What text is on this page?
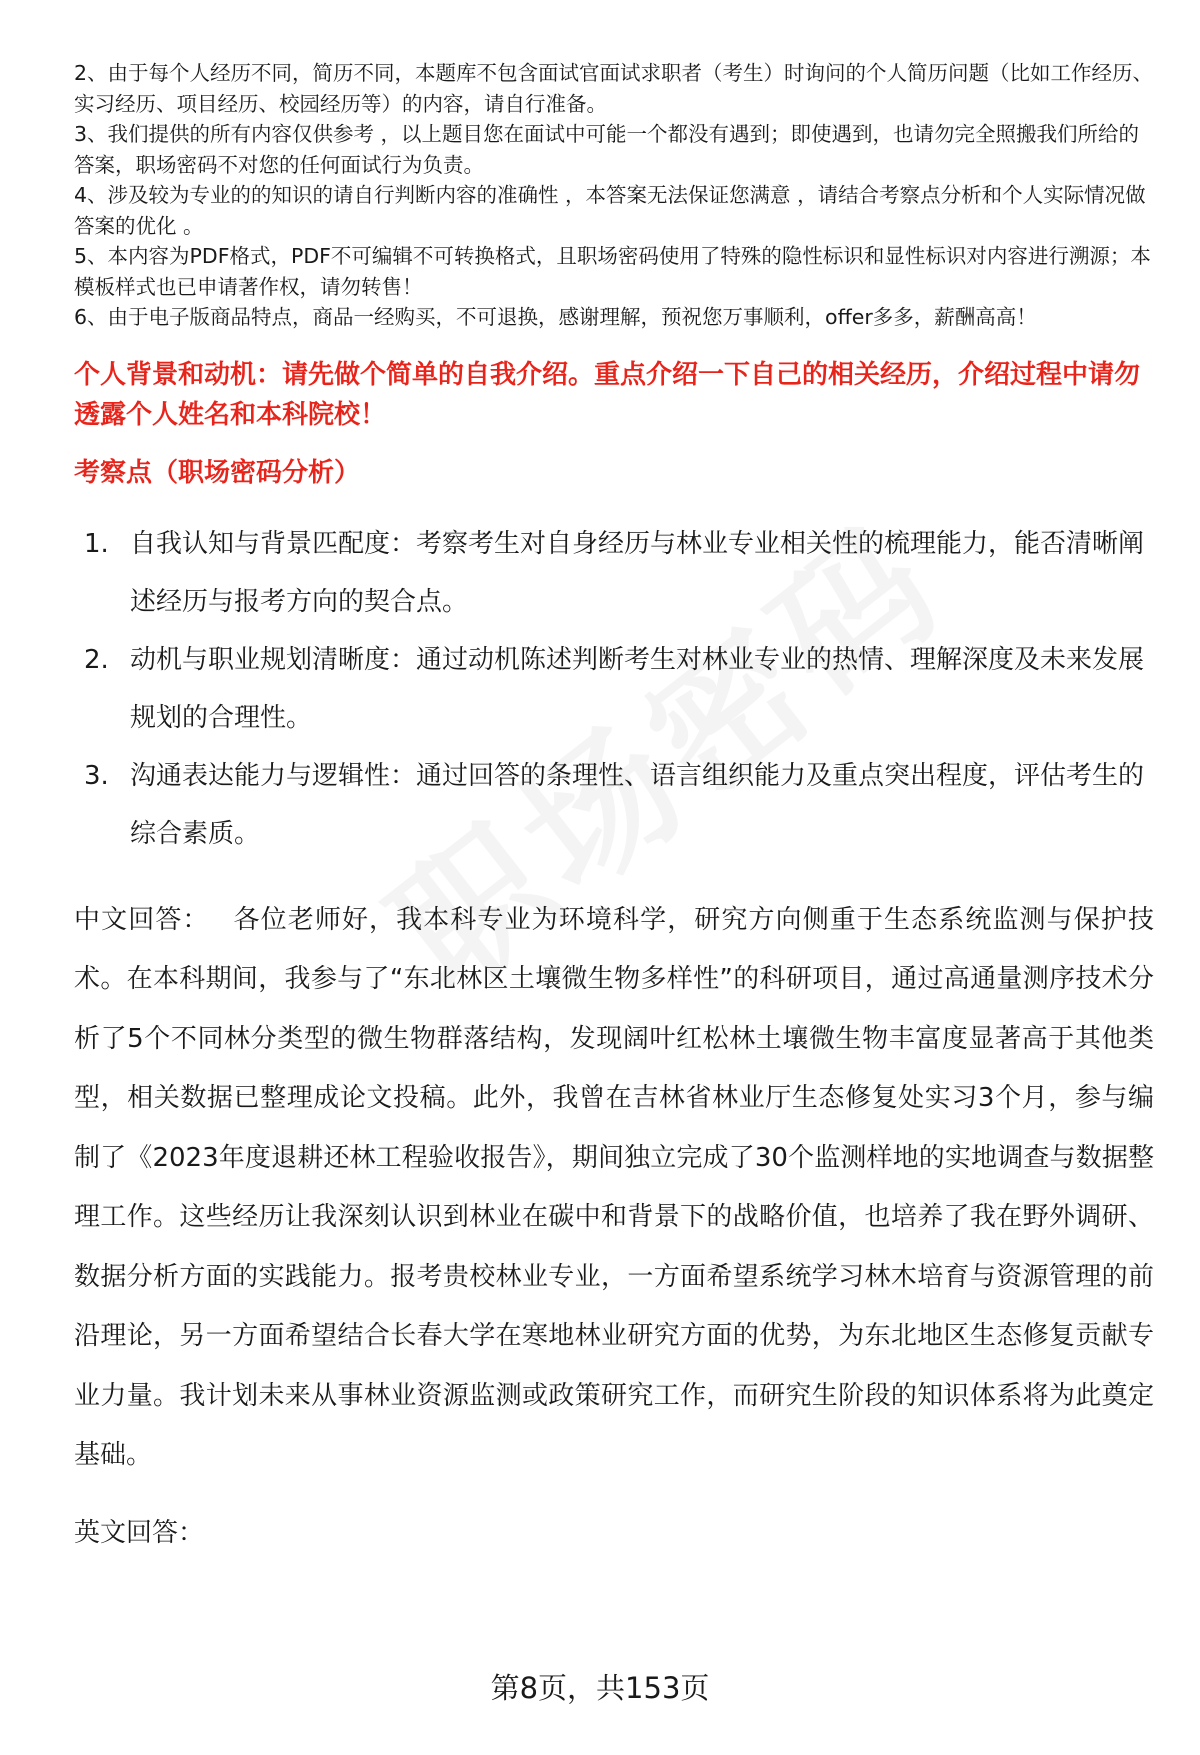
2、由于每个人经历不同，简历不同，本题库不包含面试官面试求职者（考生）时询问的个人简历问题（比如工作经历、实习经历、项目经历、校园经历等）的内容，请自行准备。

3、我们提供的所有内容仅供参考 ，以上题目您在面试中可能一个都没有遇到；即使遇到，也请勿完全照搬我们所给的答案，职场密码不对您的任何面试行为负责。

4、涉及较为专业的的知识的请自行判断内容的准确性 ，本答案无法保证您满意 ，请结合考察点分析和个人实际情况做答案的优化 。

5、本内容为PDF格式，PDF不可编辑不可转换格式，且职场密码使用了特殊的隐性标识和显性标识对内容进行溯源；本模板样式也已申请著作权，请勿转售！

6、由于电子版商品特点，商品一经购买，不可退换，感谢理解，预祝您万事顺利，offer多多，薪酬高高！

个人背景和动机：请先做个简单的自我介绍。重点介绍一下自己的相关经历，介绍过程中请勿透露个人姓名和本科院校！
考察点（职场密码分析）
1. 自我认知与背景匹配度：考察考生对自身经历与林业专业相关性的梳理能力，能否清晰阐述经历与报考方向的契合点。
2. 动机与职业规划清晰度：通过动机陈述判断考生对林业专业的热情、理解深度及未来发展规划的合理性。
3. 沟通表达能力与逻辑性：通过回答的条理性、语言组织能力及重点突出程度，评估考生的综合素质。

中文回答： 各位老师好，我本科专业为环境科学，研究方向侧重于生态系统监测与保护技术。在本科期间，我参与了“东北林区土壤微生物多样性”的科研项目，通过高通量测序技术分析了5个不同林分类型的微生物群落结构，发现阔叶红松林土壤微生物丰富度显著高于其他类型，相关数据已整理成论文投稿。此外，我曾在吉林省林业厅生态修复处实习3个月，参与编制了《2023年度退耕还林工程验收报告》，期间独立完成了30个监测样地的实地调查与数据整理工作。这些经历让我深刻认识到林业在碳中和背景下的战略价值，也培养了我在野外调研、数据分析方面的实践能力。报考贵校林业专业，一方面希望系统学习林木培育与资源管理的前沿理论，另一方面希望结合长春大学在寒地林业研究方面的优势，为东北地区生态修复贡献专业力量。我计划未来从事林业资源监测或政策研究工作，而研究生阶段的知识体系将为此奠定基础。

英文回答：

第8页，共153页
